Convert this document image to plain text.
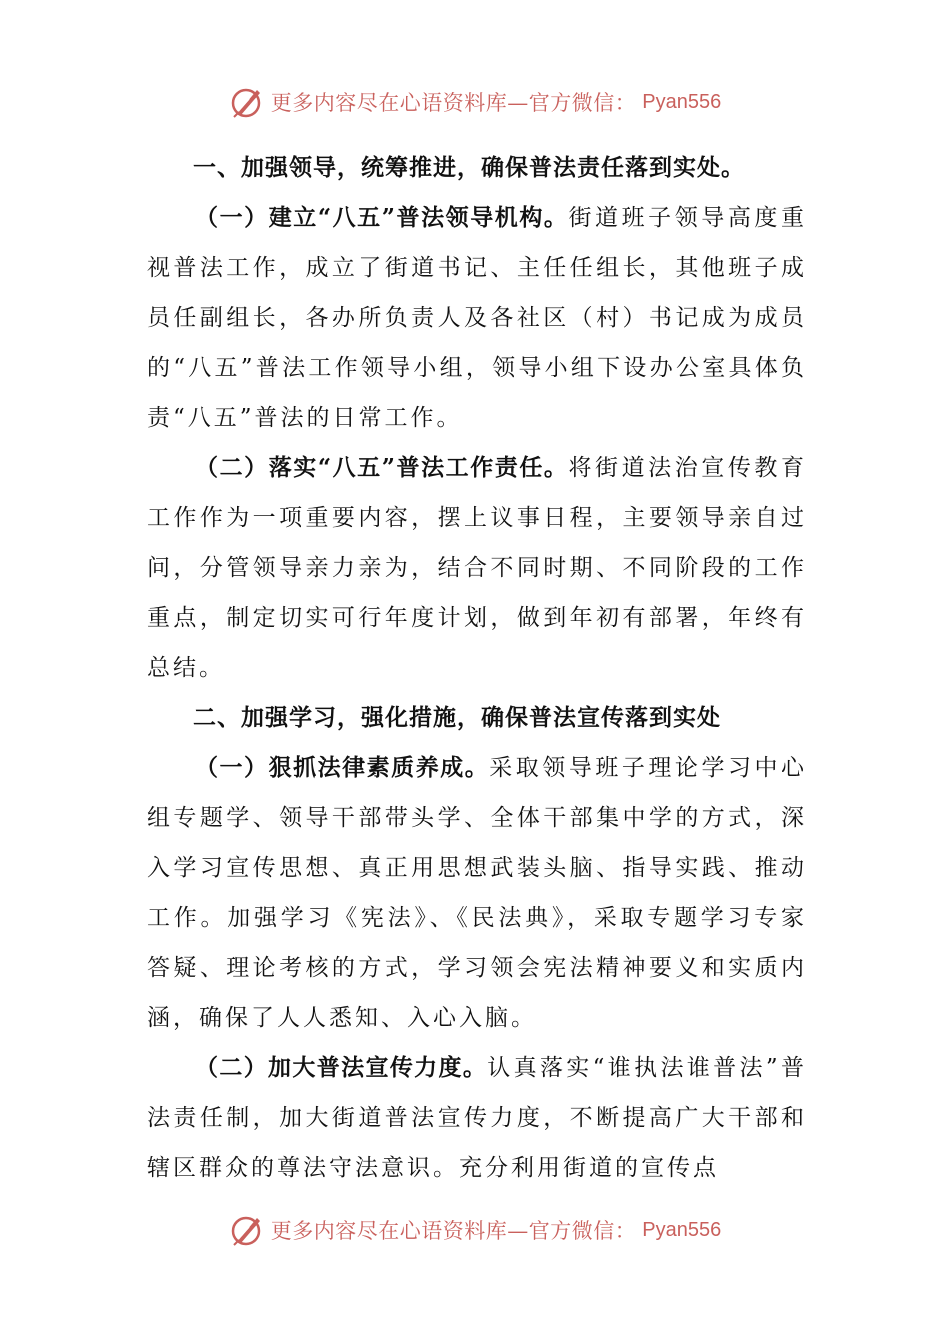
更多内容尽在心语资料库—官方微信： Pyan556
一、加强领导，统筹推进，确保普法责任落到实处。

（一）建立“八五”普法领导机构。街道班子领导高度重视普法工作，成立了街道书记、主任任组长，其他班子成员任副组长，各办所负责人及各社区（村）书记成为成员的“八五”普法工作领导小组，领导小组下设办公室具体负责“八五”普法的日常工作。

（二）落实“八五”普法工作责任。将街道法治宣传教育工作作为一项重要内容，摆上议事日程，主要领导亲自过问，分管领导亲力亲为，结合不同时期、不同阶段的工作重点，制定切实可行年度计划，做到年初有部署，年终有总结。

二、加强学习，强化措施，确保普法宣传落到实处

（一）狠抓法律素质养成。采取领导班子理论学习中心组专题学、领导干部带头学、全体干部集中学的方式，深入学习宣传思想、真正用思想武装头脑、指导实践、推动工作。加强学习《宪法》、《民法典》，采取专题学习专家答疑、理论考核的方式，学习领会宪法精神要义和实质内涵，确保了人人悉知、入心入脑。

（二）加大普法宣传力度。认真落实“谁执法谁普法”普法责任制，加大街道普法宣传力度，不断提高广大干部和辖区群众的尊法守法意识。充分利用街道的宣传点

更多内容尽在心语资料库—官方微信： Pyan556
